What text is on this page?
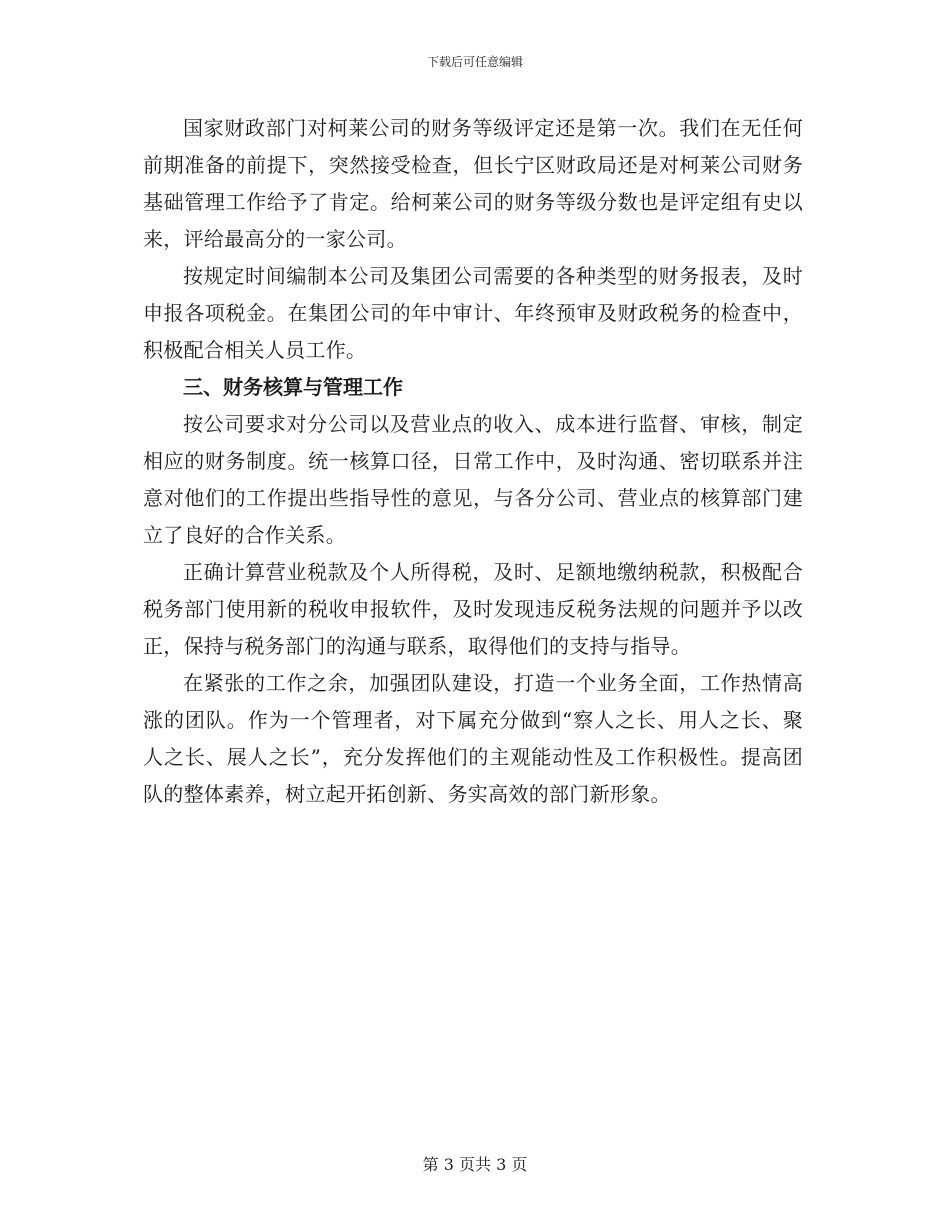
下载后可任意编辑

国家财政部门对柯莱公司的财务等级评定还是第一次。我们在无任何前期准备的前提下，突然接受检查，但长宁区财政局还是对柯莱公司财务基础管理工作给予了肯定。给柯莱公司的财务等级分数也是评定组有史以来，评给最高分的一家公司。

按规定时间编制本公司及集团公司需要的各种类型的财务报表，及时申报各项税金。在集团公司的年中审计、年终预审及财政税务的检查中，积极配合相关人员工作。

三、财务核算与管理工作

按公司要求对分公司以及营业点的收入、成本进行监督、审核，制定相应的财务制度。统一核算口径，日常工作中，及时沟通、密切联系并注意对他们的工作提出些指导性的意见，与各分公司、营业点的核算部门建立了良好的合作关系。

正确计算营业税款及个人所得税，及时、足额地缴纳税款，积极配合税务部门使用新的税收申报软件，及时发现违反税务法规的问题并予以改正，保持与税务部门的沟通与联系，取得他们的支持与指导。

在紧张的工作之余，加强团队建设，打造一个业务全面，工作热情高涨的团队。作为一个管理者，对下属充分做到“察人之长、用人之长、聚人之长、展人之长”，充分发挥他们的主观能动性及工作积极性。提高团队的整体素养，树立起开拓创新、务实高效的部门新形象。

第 3 页共 3 页
